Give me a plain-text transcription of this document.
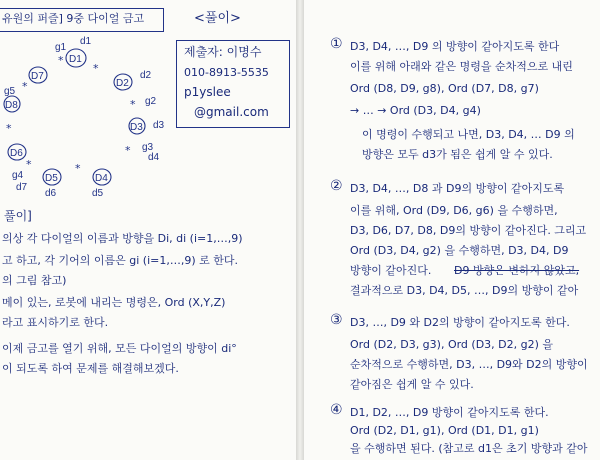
유원의 퍼즐] 9중 다이얼 금고	<풀이>
제출자: 이명수
010-8913-5535
p1yslee
@gmail.com
D1
D2
D3
D4
D5
D6
D7
D8
g1
g2
g3
g4
g5
d1
d2
d3
d4
d5
d6
d7
*
*
*
*
*
*
*
*
풀이]
의상 각 다이얼의 이름과 방향을 Di, di (i=1,…,9)
고 하고, 각 기어의 이름은 gi (i=1,…,9) 로 한다.
의 그림 참고)
메이 있는, 로봇에 내리는 명령은, Ord (X,Y,Z)
라고 표시하기로 한다.
이제 금고를 열기 위해, 모든 다이얼의 방향이 di°
이 되도록 하여 문제를 해결해보겠다.
① D3, D4, …, D9 의 방향이 같아지도록 한다
이를 위해 아래와 같은 명령을 순차적으로 내린
Ord (D8, D9, g8), Ord (D7, D8, g7)
→ … → Ord (D3, D4, g4)
이 명령이 수행되고 나면, D3, D4, … D9 의
방향은 모두 d3가 됨은 쉽게 알 수 있다.
② D3, D4, …, D8 과 D9의 방향이 같아지도록
이를 위해, Ord (D9, D6, g6) 을 수행하면,
D3, D6, D7, D8, D9의 방향이 같아진다. 그리고
Ord (D3, D4, g2) 을 수행하면, D3, D4, D9
방향이 같아진다. D9 방향은 변하지 않았고,
결과적으로 D3, D4, D5, …, D9의 방향이 같아
③ D3, …, D9 와 D2의 방향이 같아지도록 한다.
Ord (D2, D3, g3), Ord (D3, D2, g2) 을
순차적으로 수행하면, D3, …, D9와 D2의 방향이
같아짐은 쉽게 알 수 있다.
④ D1, D2, …, D9 방향이 같아지도록 한다.
Ord (D2, D1, g1), Ord (D1, D1, g1)
을 수행하면 된다. (참고로 d1은 초기 방향과 같아
